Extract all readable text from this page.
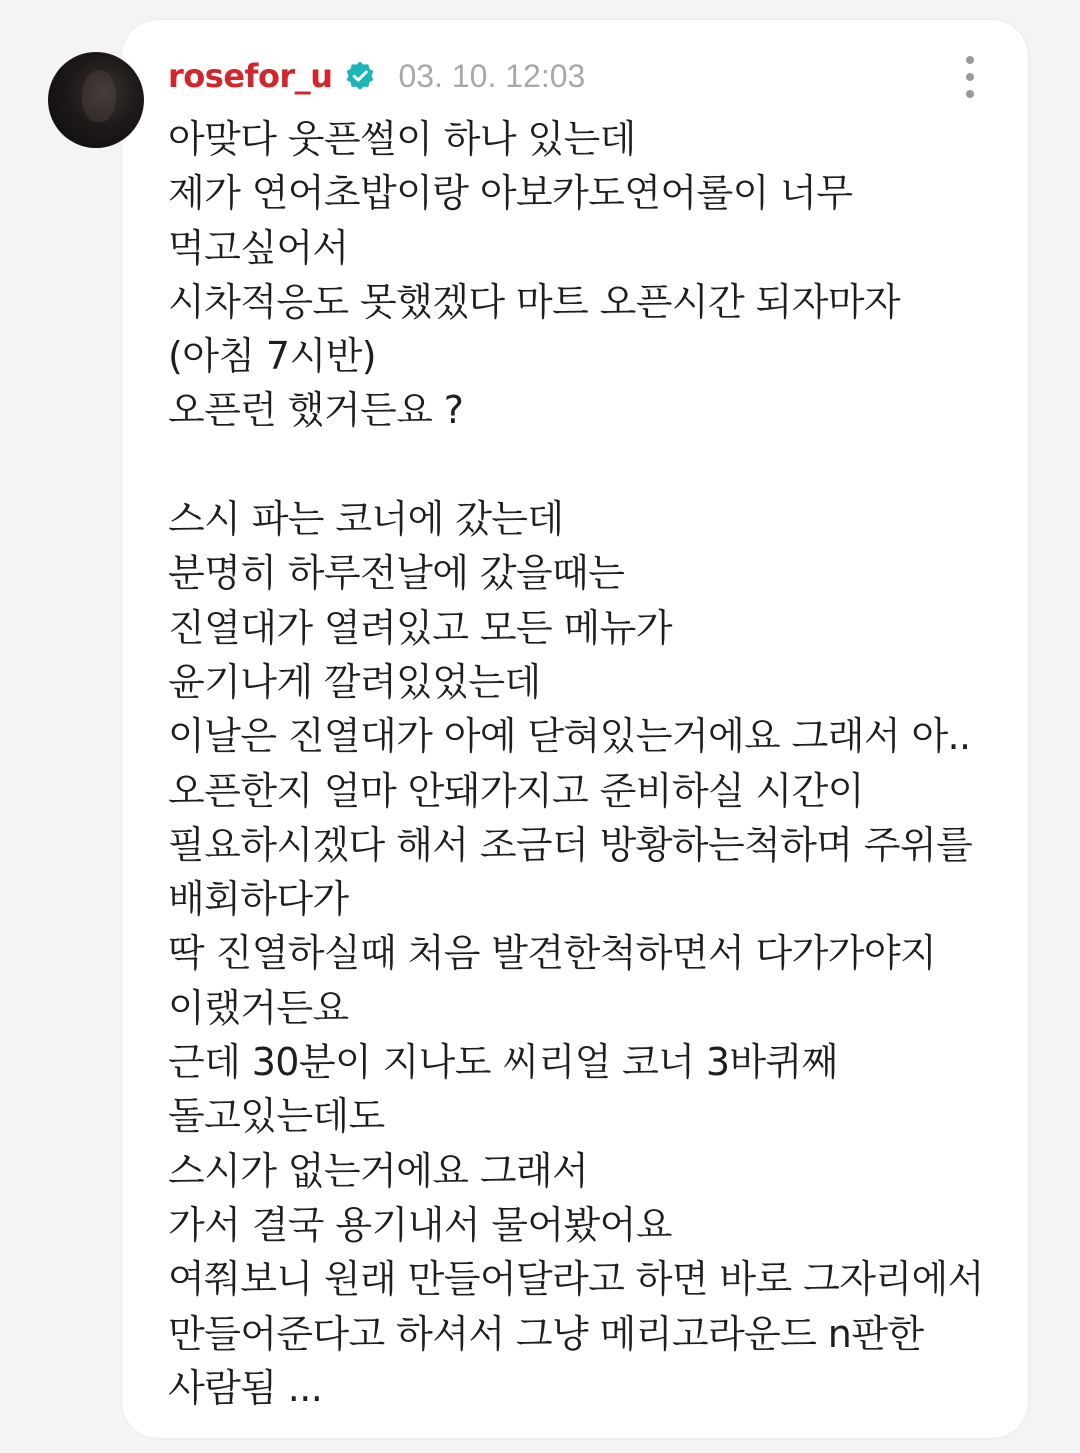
rosefor_u 03. 10. 12:03
아맞다 웃픈썰이 하나 있는데
제가 연어초밥이랑 아보카도연어롤이 너무
먹고싶어서
시차적응도 못했겠다 마트 오픈시간 되자마자
(아침 7시반)
오픈런 했거든요 ?
스시 파는 코너에 갔는데
분명히 하루전날에 갔을때는
진열대가 열려있고 모든 메뉴가
윤기나게 깔려있었는데
이날은 진열대가 아예 닫혀있는거에요 그래서 아..
오픈한지 얼마 안돼가지고 준비하실 시간이
필요하시겠다 해서 조금더 방황하는척하며 주위를
배회하다가
딱 진열하실때 처음 발견한척하면서 다가가야지
이랬거든요
근데 30분이 지나도 씨리얼 코너 3바퀴째
돌고있는데도
스시가 없는거에요 그래서
가서 결국 용기내서 물어봤어요
여쭤보니 원래 만들어달라고 하면 바로 그자리에서
만들어준다고 하셔서 그냥 메리고라운드 n판한
사람됨 ...
